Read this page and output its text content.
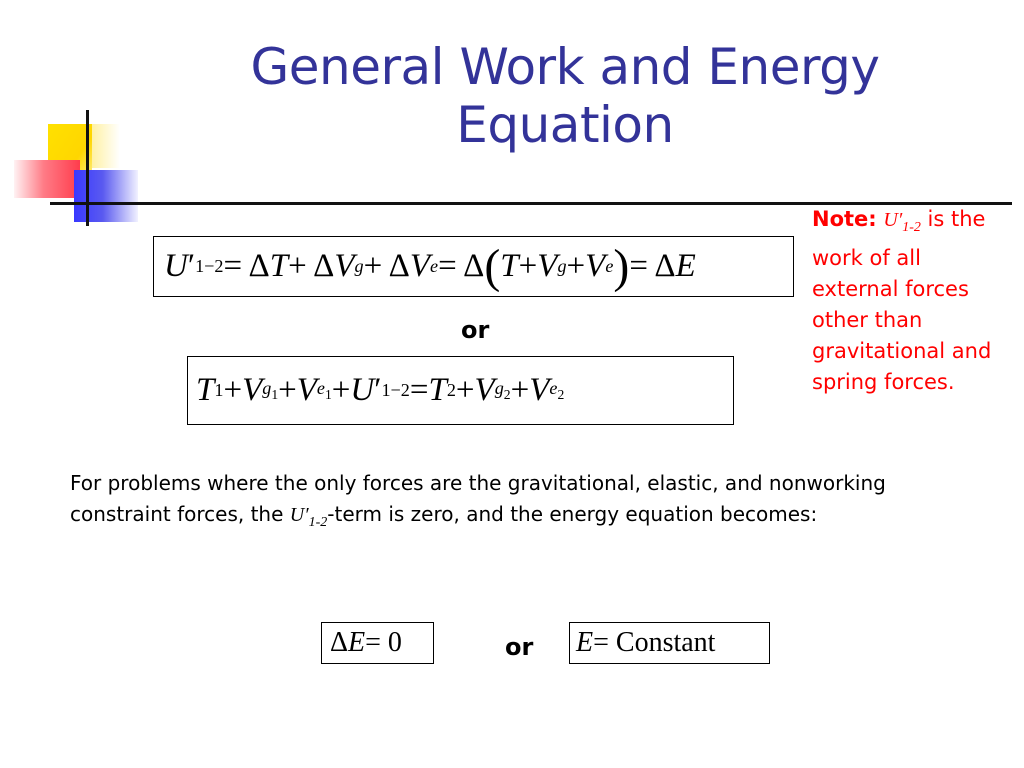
General Work and Energy
Equation
U ′ 1−2 = Δ T + Δ V g + Δ V e = Δ ( T + V g + V e ) = Δ E
or
T 1 + V $g_1 + V$ $e_1 + U$ ′ 1−2 = T 2 + V $g_2 + V$ $e_2$
Note: $U'_{1-2}$ is the work of all external forces other than gravitational and spring forces.
For problems where the only forces are the gravitational, elastic, and nonworking constraint forces, the $U'_{1-2}$-term is zero, and the energy equation becomes:
Δ E = 0	or E = Constant
